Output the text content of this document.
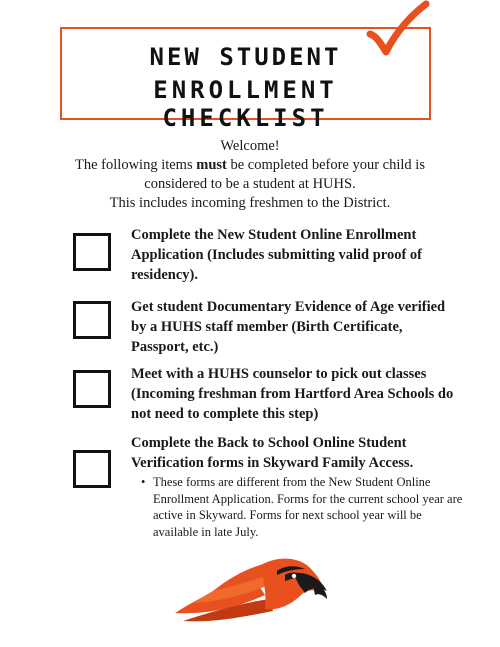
NEW STUDENT
ENROLLMENT CHECKLIST

Welcome!

The following items must be completed before your child is

considered to be a student at HUHS.

This includes incoming freshmen to the District.

Complete the New Student Online Enrollment Application (Includes submitting valid proof of residency).
Get student Documentary Evidence of Age verified by a HUHS staff member (Birth Certificate, Passport, etc.)
Meet with a HUHS counselor to pick out classes (Incoming freshman from Hartford Area Schools do not need to complete this step)
Complete the Back to School Online Student Verification forms in Skyward Family Access.
• These forms are different from the New Student Online Enrollment Application. Forms for the current school year are active in Skyward. Forms for next school year will be available in late July.
